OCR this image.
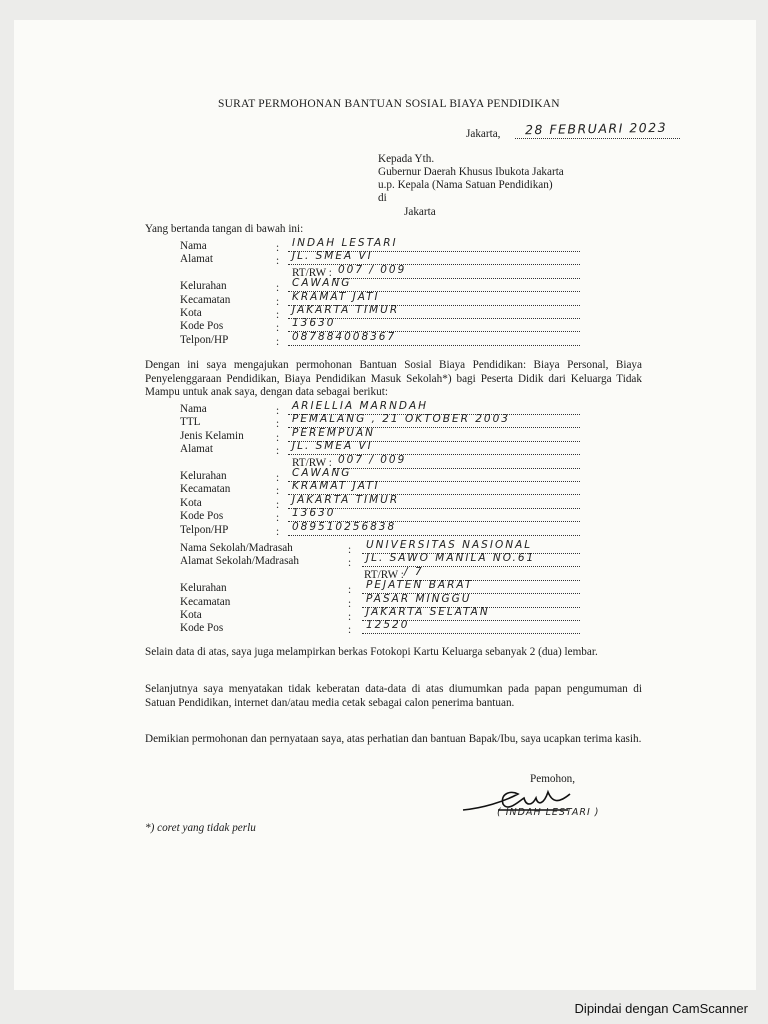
SURAT PERMOHONAN BANTUAN SOSIAL BIAYA PENDIDIKAN
Jakarta, 28 FEBRUARI 2023
Kepada Yth.
Gubernur Daerah Khusus Ibukota Jakarta
u.p. Kepala (Nama Satuan Pendidikan)
di
Jakarta
Yang bertanda tangan di bawah ini:
Nama	: INDAH LESTARI
Alamat	: JL. SMEA VI
RT/RW : 007 / 009
Kelurahan	: CAWANG
Kecamatan	: KRAMAT JATI
Kota	: JAKARTA TIMUR
Kode Pos	: 13630
Telpon/HP	: 087884008367
Dengan ini saya mengajukan permohonan Bantuan Sosial Biaya Pendidikan: Biaya Personal, Biaya Penyelenggaraan Pendidikan, Biaya Pendidikan Masuk Sekolah*) bagi Peserta Didik dari Keluarga Tidak Mampu untuk anak saya, dengan data sebagai berikut:
Nama	: ARIELLIA MARNDAH
TTL	: PEMALANG , 21 OKTOBER 2003
Jenis Kelamin	: PEREMPUAN
Alamat	: JL. SMEA VI
RT/RW : 007 / 009
Kelurahan	: CAWANG
Kecamatan	: KRAMAT JATI
Kota	: JAKARTA TIMUR
Kode Pos	: 13630
Telpon/HP	: 089510256838
Nama Sekolah/Madrasah	: UNIVERSITAS NASIONAL
Alamat Sekolah/Madrasah	: JL. SAWO MANILA NO.61
RT/RW : / 7
Kelurahan	: PEJATEN BARAT
Kecamatan	: PASAR MINGGU
Kota	: JAKARTA SELATAN
Kode Pos	: 12520
Selain data di atas, saya juga melampirkan berkas Fotokopi Kartu Keluarga sebanyak 2 (dua) lembar.
Selanjutnya saya menyatakan tidak keberatan data-data di atas diumumkan pada papan pengumuman di Satuan Pendidikan, internet dan/atau media cetak sebagai calon penerima bantuan.
Demikian permohonan dan pernyataan saya, atas perhatian dan bantuan Bapak/Ibu, saya ucapkan terima kasih.
Pemohon,
( INDAH LESTARI )
*) coret yang tidak perlu
Dipindai dengan CamScanner
